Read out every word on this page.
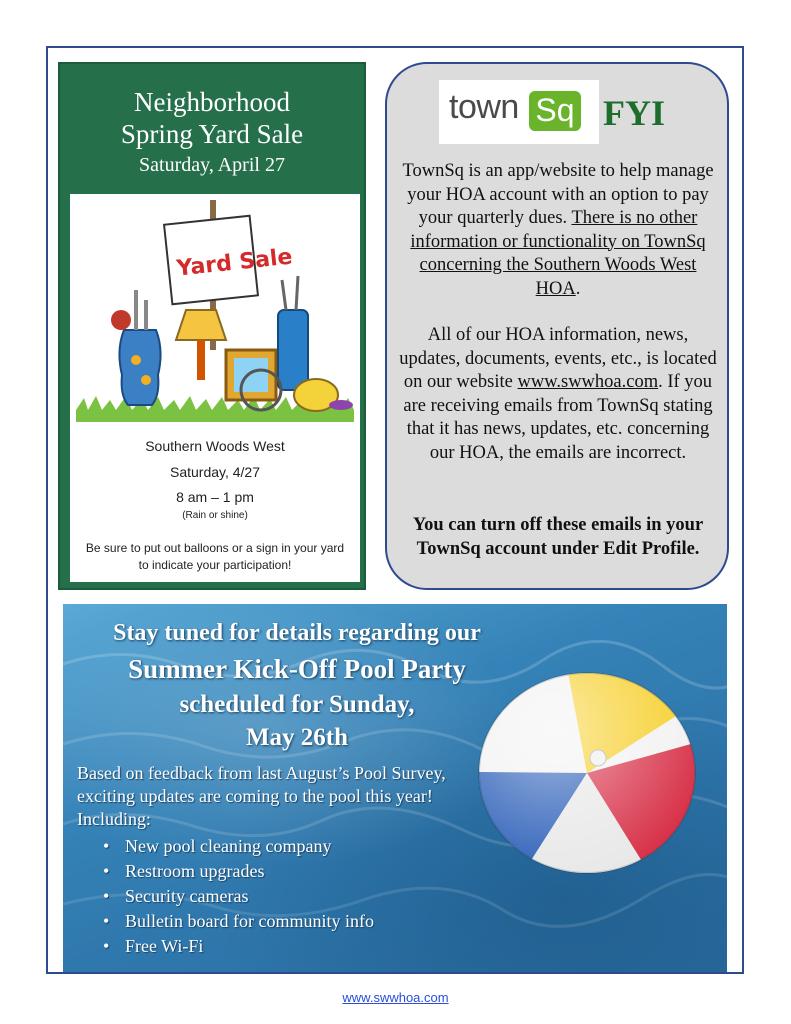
Neighborhood
Spring Yard Sale
Saturday, April 27
Yard Sale
Southern Woods West
Saturday, 4/27
8 am – 1 pm
(Rain or shine)
Be sure to put out balloons or a sign in your yard to indicate your participation!
town Sq FYI
TownSq is an app/website to help manage your HOA account with an option to pay your quarterly dues. There is no other information or functionality on TownSq concerning the Southern Woods West HOA.
All of our HOA information, news, updates, documents, events, etc., is located on our website www.swwhoa.com. If you are receiving emails from TownSq stating that it has news, updates, etc. concerning our HOA, the emails are incorrect.
You can turn off these emails in your TownSq account under Edit Profile.
Stay tuned for details regarding our
Summer Kick-Off Pool Party
scheduled for Sunday,
May 26th
Based on feedback from last August’s Pool Survey, exciting updates are coming to the pool this year! Including:
• New pool cleaning company
• Restroom upgrades
• Security cameras
• Bulletin board for community info
• Free Wi-Fi
www.swwhoa.com
